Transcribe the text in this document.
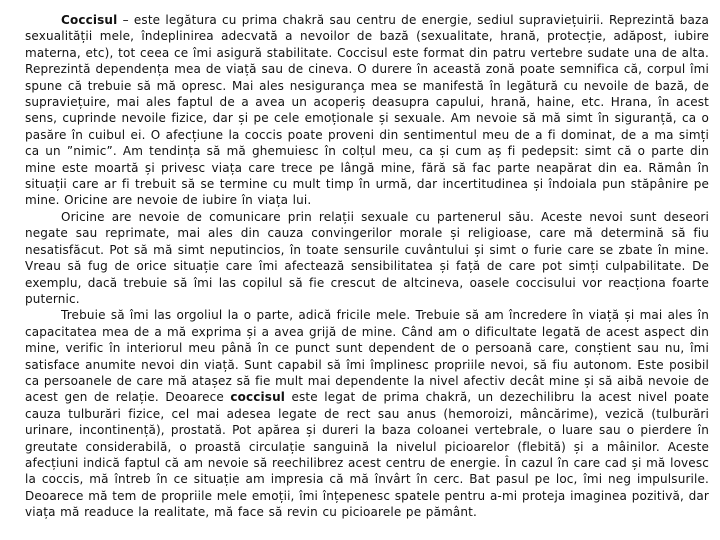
Coccisul – este legătura cu prima chakră sau centru de energie, sediul supraviețuirii. Reprezintă baza sexualității mele, îndeplinirea adecvată a nevoilor de bază (sexualitate, hrană, protecție, adăpost, iubire materna, etc), tot ceea ce îmi asigură stabilitate. Coccisul este format din patru vertebre sudate una de alta. Reprezintă dependența mea de viață sau de cineva. O durere în această zonă poate semnifica că, corpul îmi spune că trebuie să mă opresc. Mai ales nesigurança mea se manifestă în legătură cu nevoile de bază, de supraviețuire, mai ales faptul de a avea un acoperiș deasupra capului, hrană, haine, etc. Hrana, în acest sens, cuprinde nevoile fizice, dar și pe cele emoționale și sexuale. Am nevoie să mă simt în siguranță, ca o pasăre în cuibul ei. O afecțiune la coccis poate proveni din sentimentul meu de a fi dominat, de a ma simți ca un ”nimic”. Am tendința să mă ghemuiesc în colțul meu, ca și cum aș fi pedepsit: simt că o parte din mine este moartă și privesc viața care trece pe lângă mine, fără să fac parte neapărat din ea. Rămân în situații care ar fi trebuit să se termine cu mult timp în urmă, dar incertitudinea și îndoiala pun stăpânire pe mine. Oricine are nevoie de iubire în viața lui.

Oricine are nevoie de comunicare prin relații sexuale cu partenerul său. Aceste nevoi sunt deseori negate sau reprimate, mai ales din cauza convingerilor morale și religioase, care mă determină să fiu nesatisfăcut. Pot să mă simt neputincios, în toate sensurile cuvântului și simt o furie care se zbate în mine. Vreau să fug de orice situație care îmi afectează sensibilitatea și față de care pot simți culpabilitate. De exemplu, dacă trebuie să îmi las copilul să fie crescut de altcineva, oasele coccisului vor reacționa foarte puternic.

Trebuie să îmi las orgoliul la o parte, adică fricile mele. Trebuie să am încredere în viață și mai ales în capacitatea mea de a mă exprima și a avea grijă de mine. Când am o dificultate legată de acest aspect din mine, verific în interiorul meu până în ce punct sunt dependent de o persoană care, conștient sau nu, îmi satisface anumite nevoi din viață. Sunt capabil să îmi împlinesc propriile nevoi, să fiu autonom. Este posibil ca persoanele de care mă atașez să fie mult mai dependente la nivel afectiv decât mine și să aibă nevoie de acest gen de relație. Deoarece coccisul este legat de prima chakră, un dezechilibru la acest nivel poate cauza tulburări fizice, cel mai adesea legate de rect sau anus (hemoroizi, mâncărime), vezică (tulburări urinare, incontinență), prostată. Pot apărea și dureri la baza coloanei vertebrale, o luare sau o pierdere în greutate considerabilă, o proastă circulație sanguină la nivelul picioarelor (flebită) și a mâinilor. Aceste afecțiuni indică faptul că am nevoie să reechilibrez acest centru de energie. În cazul în care cad și mă lovesc la coccis, mă întreb în ce situație am impresia că mă învârt în cerc. Bat pasul pe loc, îmi neg impulsurile. Deoarece mă tem de propriile mele emoții, îmi înțepenesc spatele pentru a-mi proteja imaginea pozitivă, dar viața mă readuce la realitate, mă face să revin cu picioarele pe pământ.
